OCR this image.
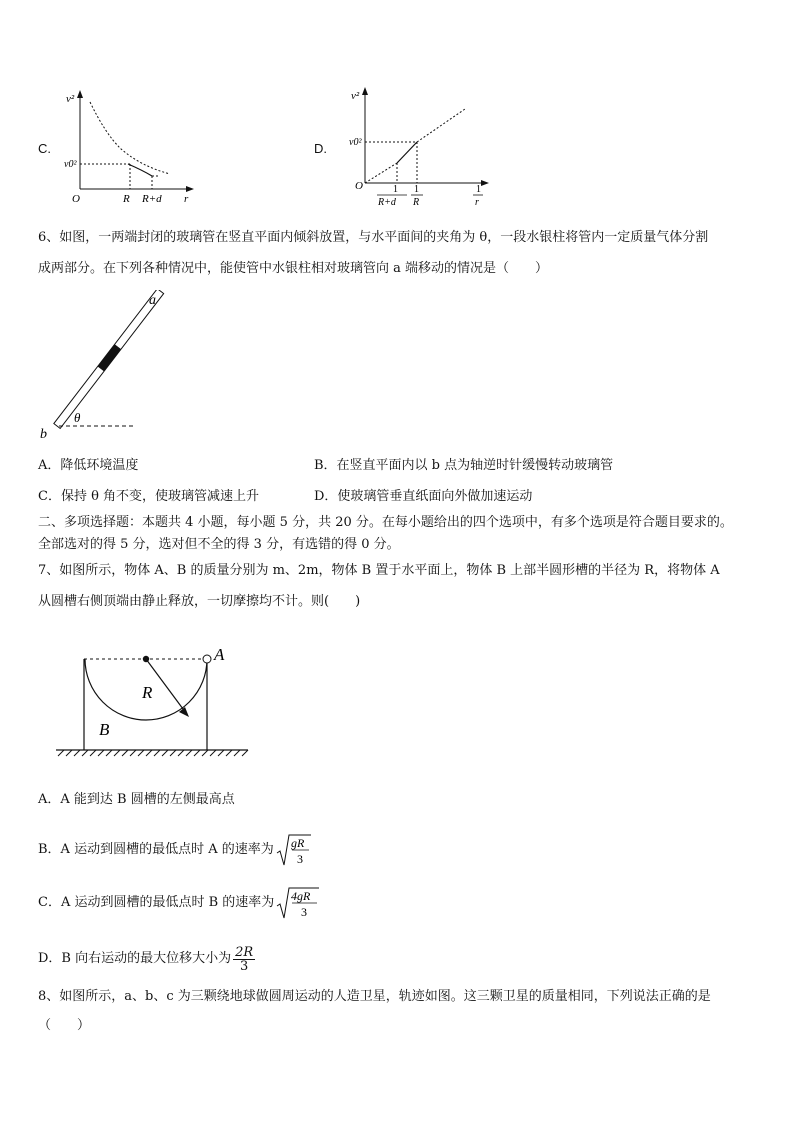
C.
v²
v0²
O	R R+d r
D.
v²
v0²
O	1
R+d
1
R
1
r
6、如图，一两端封闭的玻璃管在竖直平面内倾斜放置，与水平面间的夹角为 θ，一段水银柱将管内一定质量气体分割
成两部分。在下列各种情况中，能使管中水银柱相对玻璃管向 a 端移动的情况是（　　）
a
b
θ
A．降低环境温度	B．在竖直平面内以 b 点为轴逆时针缓慢转动玻璃管
C．保持 θ 角不变，使玻璃管减速上升	D．使玻璃管垂直纸面向外做加速运动
二、多项选择题：本题共 4 小题，每小题 5 分，共 20 分。在每小题给出的四个选项中，有多个选项是符合题目要求的。
全部选对的得 5 分，选对但不全的得 3 分，有选错的得 0 分。
7、如图所示，物体 A、B 的质量分别为 m、2m，物体 B 置于水平面上，物体 B 上部半圆形槽的半径为 R，将物体 A
从圆槽右侧顶端由静止释放，一切摩擦均不计。则(　　)
A
R
B
A．A 能到达 B 圆槽的左侧最高点
B．A 运动到圆槽的最低点时 A 的速率为 gR
3
C．A 运动到圆槽的最低点时 B 的速率为 4gR
3
D．B 向右运动的最大位移大小为 $\frac{2R}{3}$
8、如图所示，a、b、c 为三颗绕地球做圆周运动的人造卫星，轨迹如图。这三颗卫星的质量相同，下列说法正确的是
（　　）
